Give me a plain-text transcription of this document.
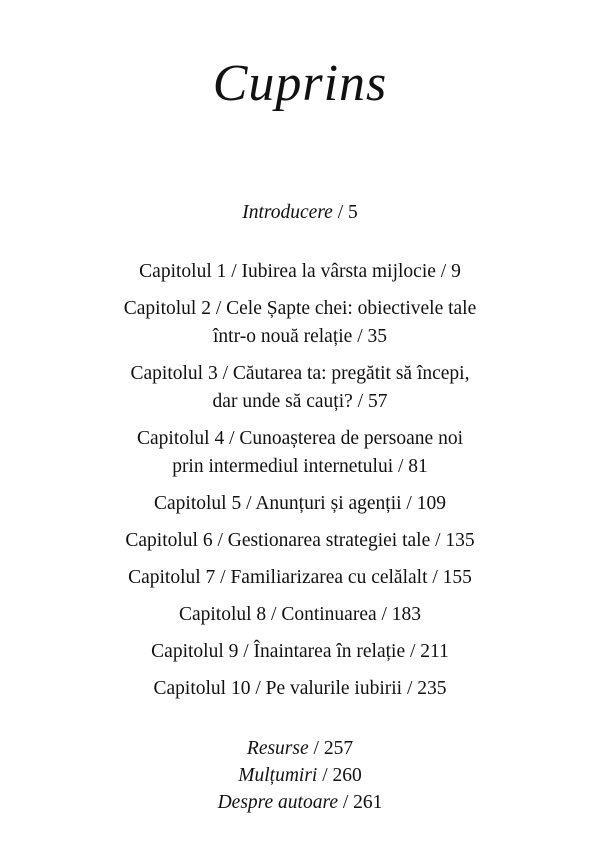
Cuprins
Introducere / 5
Capitolul 1 / Iubirea la vârsta mijlocie / 9
Capitolul 2 / Cele Șapte chei: obiectivele tale
într-o nouă relație / 35
Capitolul 3 / Căutarea ta: pregătit să începi,
dar unde să cauți? / 57
Capitolul 4 / Cunoașterea de persoane noi
prin intermediul internetului / 81
Capitolul 5 / Anunțuri și agenții / 109
Capitolul 6 / Gestionarea strategiei tale / 135
Capitolul 7 / Familiarizarea cu celălalt / 155
Capitolul 8 / Continuarea / 183
Capitolul 9 / Înaintarea în relație / 211
Capitolul 10 / Pe valurile iubirii / 235
Resurse / 257
Mulțumiri / 260
Despre autoare / 261
